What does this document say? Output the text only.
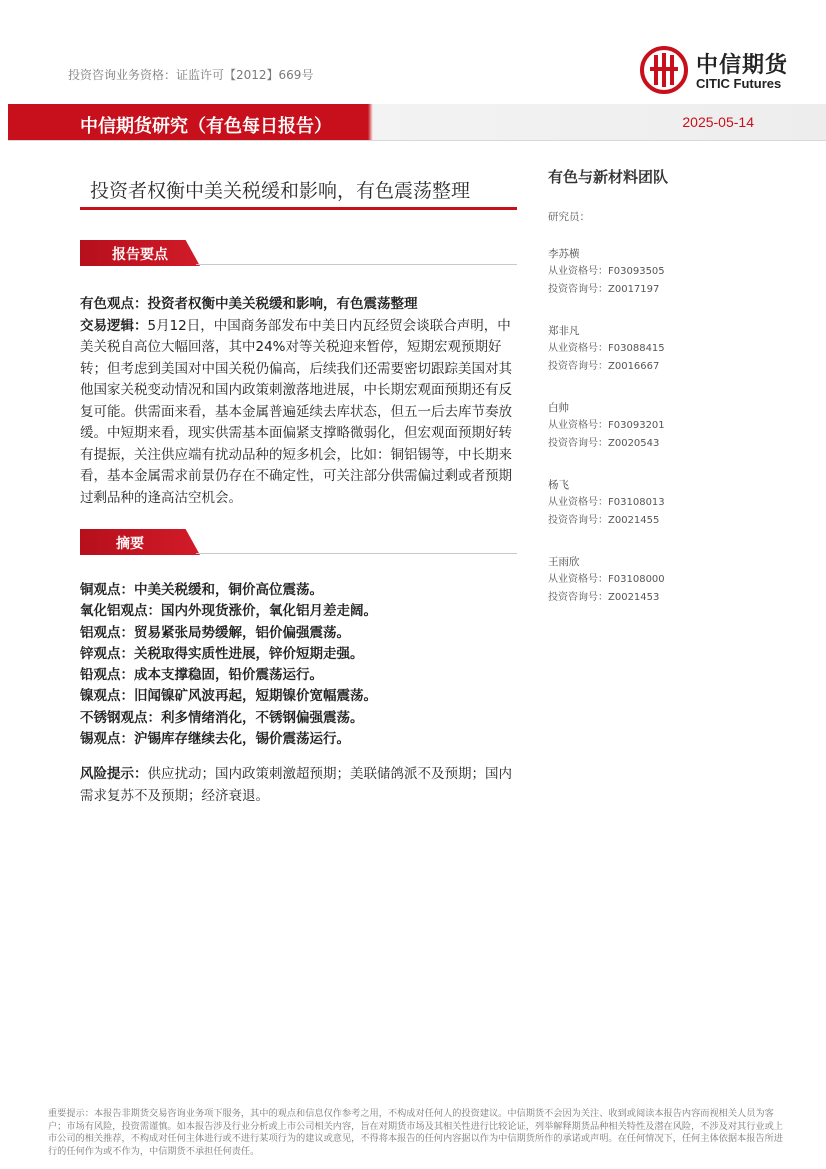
投资咨询业务资格：证监许可【2012】669号	中信期货
CITIC Futures
中信期货研究（有色每日报告）	2025-05-14
投资者权衡中美关税缓和影响，有色震荡整理
报告要点
有色观点：投资者权衡中美关税缓和影响，有色震荡整理
交易逻辑：5月12日，中国商务部发布中美日内瓦经贸会谈联合声明，中美关税自高位大幅回落，其中24%对等关税迎来暂停，短期宏观预期好转；但考虑到美国对中国关税仍偏高，后续我们还需要密切跟踪美国对其他国家关税变动情况和国内政策刺激落地进展，中长期宏观面预期还有反复可能。供需面来看，基本金属普遍延续去库状态，但五一后去库节奏放缓。中短期来看，现实供需基本面偏紧支撑略微弱化，但宏观面预期好转有提振，关注供应端有扰动品种的短多机会，比如：铜铝锡等，中长期来看，基本金属需求前景仍存在不确定性，可关注部分供需偏过剩或者预期过剩品种的逢高沽空机会。
摘要
铜观点：中美关税缓和，铜价高位震荡。
氧化铝观点：国内外现货涨价，氧化铝月差走阔。
铝观点：贸易紧张局势缓解，铝价偏强震荡。
锌观点：关税取得实质性进展，锌价短期走强。
铅观点：成本支撑稳固，铅价震荡运行。
镍观点：旧闻镍矿风波再起，短期镍价宽幅震荡。
不锈钢观点：利多情绪消化，不锈钢偏强震荡。
锡观点：沪锡库存继续去化，锡价震荡运行。
风险提示：供应扰动；国内政策刺激超预期；美联储鸽派不及预期；国内需求复苏不及预期；经济衰退。
有色与新材料团队
研究员：
李苏横
从业资格号：F03093505
投资咨询号：Z0017197
郑非凡
从业资格号：F03088415
投资咨询号：Z0016667
白帅
从业资格号：F03093201
投资咨询号：Z0020543
杨飞
从业资格号：F03108013
投资咨询号：Z0021455
王雨欣
从业资格号：F03108000
投资咨询号：Z0021453
重要提示：本报告非期货交易咨询业务项下服务，其中的观点和信息仅作参考之用，不构成对任何人的投资建议。中信期货不会因为关注、收到或阅读本报告内容而视相关人员为客户；市场有风险，投资需谨慎。如本报告涉及行业分析或上市公司相关内容，旨在对期货市场及其相关性进行比较论证，列举解释期货品种相关特性及潜在风险，不涉及对其行业或上市公司的相关推荐，不构成对任何主体进行或不进行某项行为的建议或意见，不得将本报告的任何内容据以作为中信期货所作的承诺或声明。在任何情况下，任何主体依据本报告所进行的任何作为或不作为，中信期货不承担任何责任。
